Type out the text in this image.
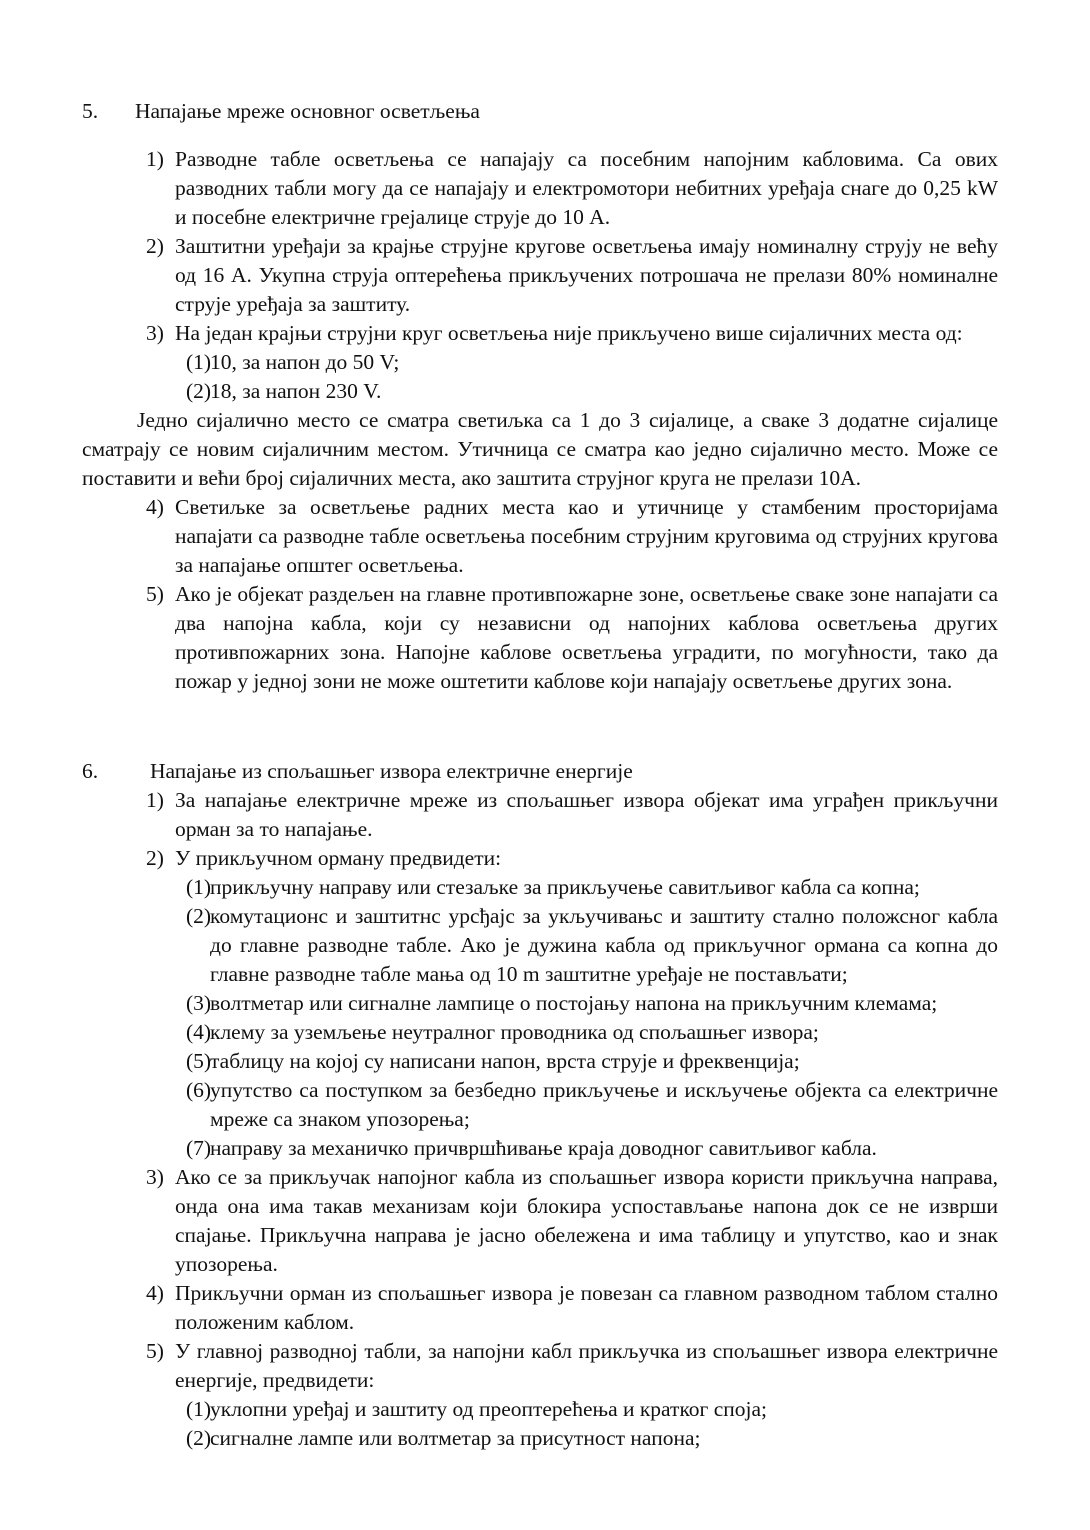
5. Напајање мреже основног осветљења
1) Разводне табле осветљења се напајају са посебним напојним кабловима. Са ових разводних табли могу да се напајају и електромотори небитних уређаја снаге до 0,25 kW и посебне електричне грејалице струје до 10 А.
2) Заштитни уређаји за крајње струјне кругове осветљења имају номиналну струју не већу од 16 А. Укупна струја оптерећења прикључених потрошача не прелази 80% номиналне струје уређаја за заштиту.
3) На један крајњи струјни круг осветљења није прикључено више сијаличних места од:
(1)
10, за напон до 50 V;
(2)
18, за напон 230 V.
Једно сијалично место се сматра светиљка са 1 до 3 сијалице, а сваке 3 додатне сијалице сматрају се новим сијаличним местом. Утичница се сматра као једно сијалично место. Може се поставити и већи број сијаличних места, ако заштита струјног круга не прелази 10А.
4) Светиљке за осветљење радних места као и утичнице у стамбеним просторијама напајати са разводне табле осветљења посебним струјним круговима од струјних кругова за напајање општег осветљења.
5) Ако је објекат раздељен на главне противпожарне зоне, осветљење сваке зоне напајати са два напојна кабла, који су независни од напојних каблова осветљења других противпожарних зона. Напојне каблове осветљења уградити, по могућности, тако да пожар у једној зони не може оштетити каблове који напајају осветљење других зона.
6. Напајање из спољашњег извора електричне енергије
1) За напајање електричне мреже из спољашњег извора објекат има уграђен прикључни орман за то напајање.
2) У прикључном орману предвидети:
(1)
прикључну направу или стезаљке за прикључење савитљивог кабла са копна;
(2)
комутационс и заштитнс урсђајс за укључивањс и заштиту стално положсног кабла до главне разводне табле. Ако је дужина кабла од прикључног ормана са копна до главне разводне табле мања од 10 m заштитне уређаје не постављати;
(3)
волтметар или сигналне лампице о постојању напона на прикључним клемама;
(4)
клему за уземљење неутралног проводника од спољашњег извора;
(5)
таблицу на којој су написани напон, врста струје и фреквенција;
(6)
упутство са поступком за безбедно прикључење и искључење објекта са електричне мреже са знаком упозорења;
(7)
направу за механичко причвршћивање краја доводног савитљивог кабла.
3) Ако се за прикључак напојног кабла из спољашњег извора користи прикључна направа, онда она има такав механизам који блокира успостављање напона док се не изврши спајање. Прикључна направа је јасно обележена и има таблицу и упутство, као и знак упозорења.
4) Прикључни орман из спољашњег извора је повезан са главном разводном таблом стално положеним каблом.
5) У главној разводној табли, за напојни кабл прикључка из спољашњег извора електричне енергије, предвидети:
(1)
уклопни уређај и заштиту од преоптерећења и кратког споја;
(2)
сигналне лампе или волтметар за присутност напона;
